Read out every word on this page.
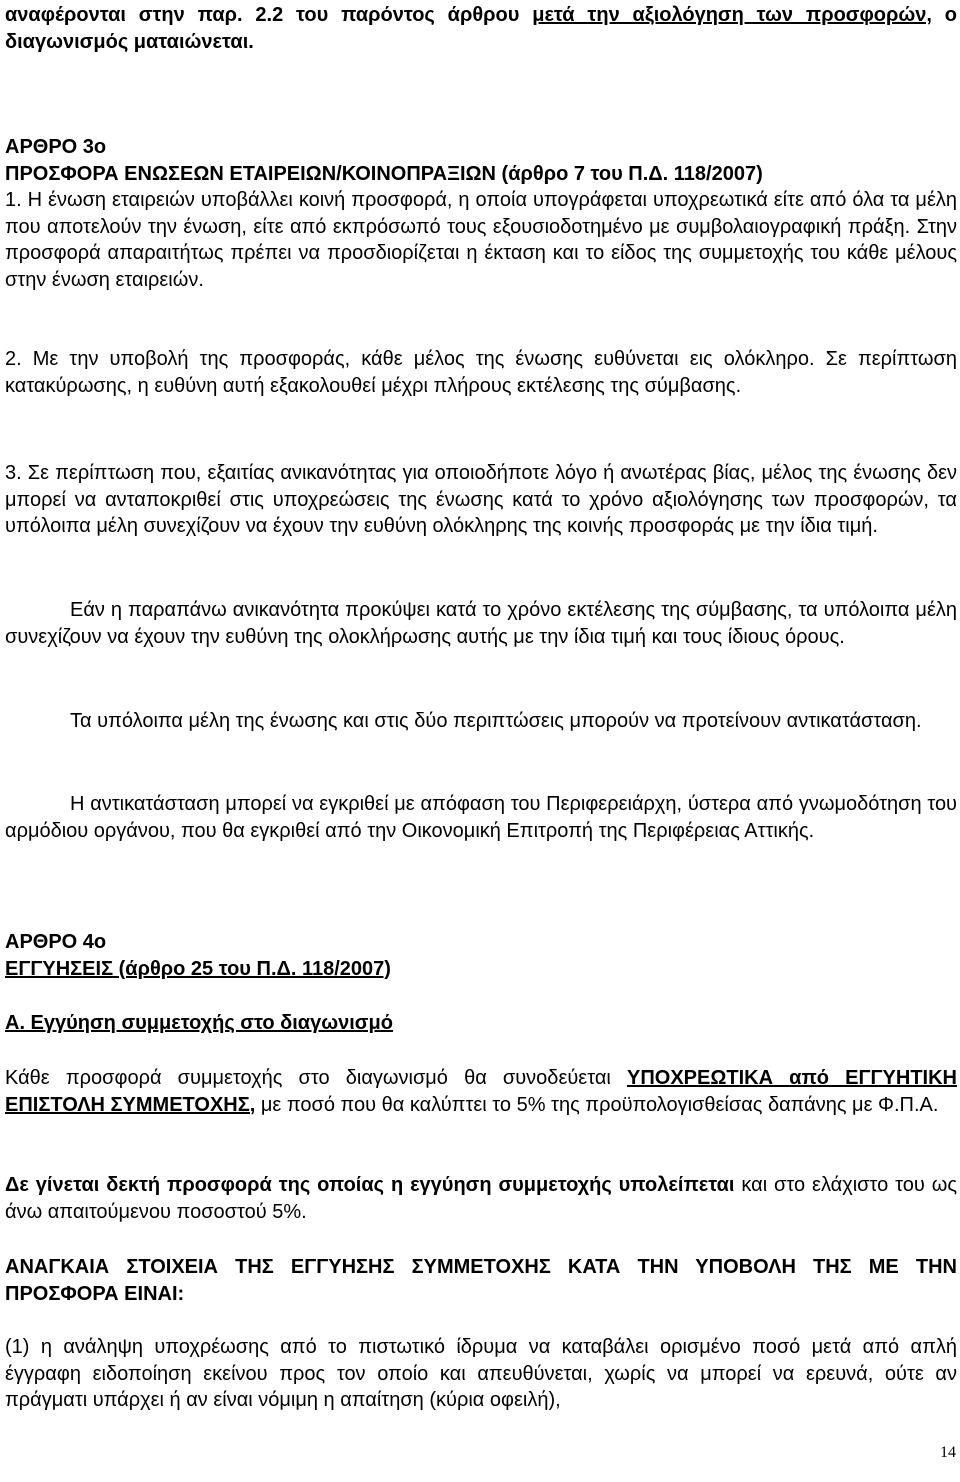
αναφέρονται στην παρ. 2.2 του παρόντος άρθρου μετά την αξιολόγηση των προσφορών, ο διαγωνισμός ματαιώνεται.

ΑΡΘΡΟ 3ο
ΠΡΟΣΦΟΡΑ ΕΝΩΣΕΩΝ ΕΤΑΙΡΕΙΩΝ/ΚΟΙΝΟΠΡΑΞΙΩΝ (άρθρο 7 του Π.Δ. 118/2007)

1. Η ένωση εταιρειών υποβάλλει κοινή προσφορά, η οποία υπογράφεται υποχρεωτικά είτε από όλα τα μέλη που αποτελούν την ένωση, είτε από εκπρόσωπό τους εξουσιοδοτημένο με συμβολαιογραφική πράξη. Στην προσφορά απαραιτήτως πρέπει να προσδιορίζεται η έκταση και το είδος της συμμετοχής του κάθε μέλους στην ένωση εταιρειών.

2. Με την υποβολή της προσφοράς, κάθε μέλος της ένωσης ευθύνεται εις ολόκληρο. Σε περίπτωση κατακύρωσης, η ευθύνη αυτή εξακολουθεί μέχρι πλήρους εκτέλεσης της σύμβασης.

3. Σε περίπτωση που, εξαιτίας ανικανότητας για οποιοδήποτε λόγο ή ανωτέρας βίας, μέλος της ένωσης δεν μπορεί να ανταποκριθεί στις υποχρεώσεις της ένωσης κατά το χρόνο αξιολόγησης των προσφορών, τα υπόλοιπα μέλη συνεχίζουν να έχουν την ευθύνη ολόκληρης της κοινής προσφοράς με την ίδια τιμή.

Εάν η παραπάνω ανικανότητα προκύψει κατά το χρόνο εκτέλεσης της σύμβασης, τα υπόλοιπα μέλη συνεχίζουν να έχουν την ευθύνη της ολοκλήρωσης αυτής με την ίδια τιμή και τους ίδιους όρους.

Τα υπόλοιπα μέλη της ένωσης και στις δύο περιπτώσεις μπορούν να προτείνουν αντικατάσταση.

Η αντικατάσταση μπορεί να εγκριθεί με απόφαση του Περιφερειάρχη, ύστερα από γνωμοδότηση του αρμόδιου οργάνου, που θα εγκριθεί από την Οικονομική Επιτροπή της Περιφέρειας Αττικής.

ΑΡΘΡΟ 4ο
ΕΓΓΥΗΣΕΙΣ (άρθρο 25 του Π.Δ. 118/2007)

Α. Εγγύηση συμμετοχής στο διαγωνισμό

Κάθε προσφορά συμμετοχής στο διαγωνισμό θα συνοδεύεται ΥΠΟΧΡΕΩΤΙΚΑ από ΕΓΓΥΗΤΙΚΗ ΕΠΙΣΤΟΛΗ ΣΥΜΜΕΤΟΧΗΣ, με ποσό που θα καλύπτει το 5% της προϋπολογισθείσας δαπάνης με Φ.Π.Α.

Δε γίνεται δεκτή προσφορά της οποίας η εγγύηση συμμετοχής υπολείπεται και στο ελάχιστο του ως άνω απαιτούμενου ποσοστού 5%.

ΑΝΑΓΚΑΙΑ ΣΤΟΙΧΕΙΑ ΤΗΣ ΕΓΓΥΗΣΗΣ ΣΥΜΜΕΤΟΧΗΣ ΚΑΤΑ ΤΗΝ ΥΠΟΒΟΛΗ ΤΗΣ ΜΕ ΤΗΝ ΠΡΟΣΦΟΡΑ ΕΙΝΑΙ:

(1) η ανάληψη υποχρέωσης από το πιστωτικό ίδρυμα να καταβάλει ορισμένο ποσό μετά από απλή έγγραφη ειδοποίηση εκείνου προς τον οποίο και απευθύνεται, χωρίς να μπορεί να ερευνά, ούτε αν πράγματι υπάρχει ή αν είναι νόμιμη η απαίτηση (κύρια οφειλή),

14
